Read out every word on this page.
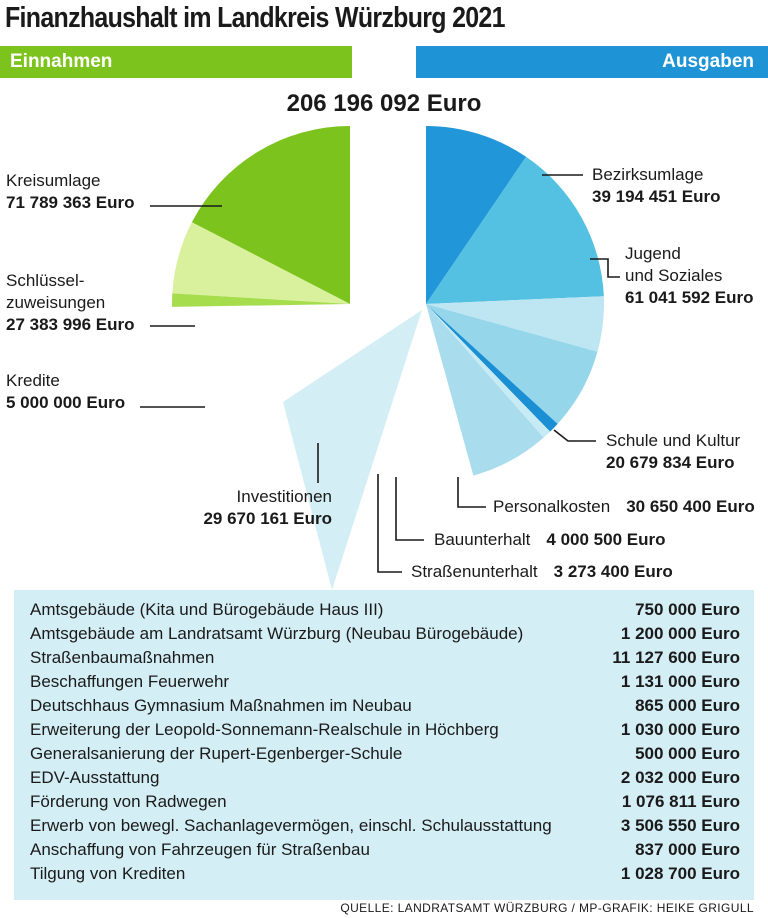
Finanzhaushalt im Landkreis Würzburg 2021
Einnahmen	Ausgaben
206 196 092 Euro
Kreisumlage
71 789 363 Euro
Schlüssel-
zuweisungen
27 383 996 Euro
Kredite
5 000 000 Euro
Bezirksumlage
39 194 451 Euro
Jugend
und Soziales
61 041 592 Euro
Schule und Kultur
20 679 834 Euro
Personalkosten 30 650 400 Euro
Bauunterhalt 4 000 500 Euro
Straßenunterhalt 3 273 400 Euro
Investitionen
29 670 161 Euro
Amtsgebäude (Kita und Bürogebäude Haus III)	750 000 Euro
Amtsgebäude am Landratsamt Würzburg (Neubau Bürogebäude)	1 200 000 Euro
Straßenbaumaßnahmen	11 127 600 Euro
Beschaffungen Feuerwehr	1 131 000 Euro
Deutschhaus Gymnasium Maßnahmen im Neubau	865 000 Euro
Erweiterung der Leopold-Sonnemann-Realschule in Höchberg	1 030 000 Euro
Generalsanierung der Rupert-Egenberger-Schule	500 000 Euro
EDV-Ausstattung	2 032 000 Euro
Förderung von Radwegen	1 076 811 Euro
Erwerb von bewegl. Sachanlagevermögen, einschl. Schulausstattung	3 506 550 Euro
Anschaffung von Fahrzeugen für Straßenbau	837 000 Euro
Tilgung von Krediten	1 028 700 Euro
QUELLE: LANDRATSAMT WÜRZBURG / MP-GRAFIK: HEIKE GRIGULL
